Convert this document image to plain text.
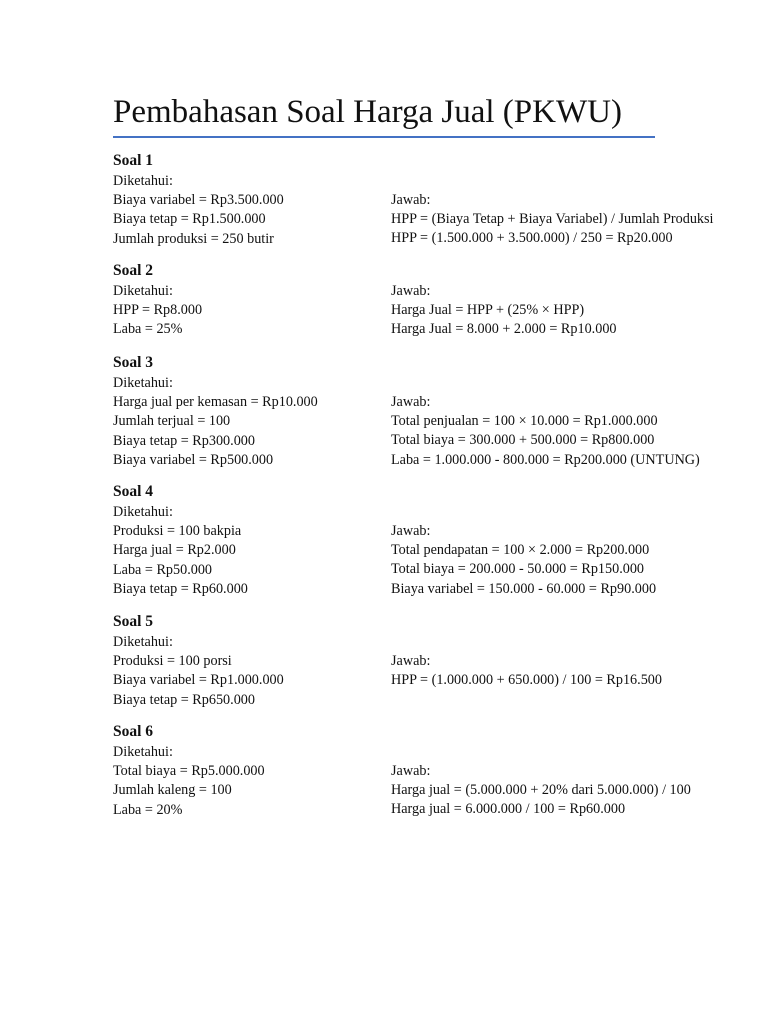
Pembahasan Soal Harga Jual (PKWU)
Soal 1
Diketahui:
Biaya variabel = Rp3.500.000
Biaya tetap = Rp1.500.000
Jumlah produksi = 250 butir
Jawab:
HPP = (Biaya Tetap + Biaya Variabel) / Jumlah Produksi
HPP = (1.500.000 + 3.500.000) / 250 = Rp20.000
Soal 2
Diketahui:
HPP = Rp8.000
Laba = 25%
Jawab:
Harga Jual = HPP + (25% × HPP)
Harga Jual = 8.000 + 2.000 = Rp10.000
Soal 3
Diketahui:
Harga jual per kemasan = Rp10.000
Jumlah terjual = 100
Biaya tetap = Rp300.000
Biaya variabel = Rp500.000
Jawab:
Total penjualan = 100 × 10.000 = Rp1.000.000
Total biaya = 300.000 + 500.000 = Rp800.000
Laba = 1.000.000 - 800.000 = Rp200.000 (UNTUNG)
Soal 4
Diketahui:
Produksi = 100 bakpia
Harga jual = Rp2.000
Laba = Rp50.000
Biaya tetap = Rp60.000
Jawab:
Total pendapatan = 100 × 2.000 = Rp200.000
Total biaya = 200.000 - 50.000 = Rp150.000
Biaya variabel = 150.000 - 60.000 = Rp90.000
Soal 5
Diketahui:
Produksi = 100 porsi
Biaya variabel = Rp1.000.000
Biaya tetap = Rp650.000
Jawab:
HPP = (1.000.000 + 650.000) / 100 = Rp16.500
Soal 6
Diketahui:
Total biaya = Rp5.000.000
Jumlah kaleng = 100
Laba = 20%
Jawab:
Harga jual = (5.000.000 + 20% dari 5.000.000) / 100
Harga jual = 6.000.000 / 100 = Rp60.000
